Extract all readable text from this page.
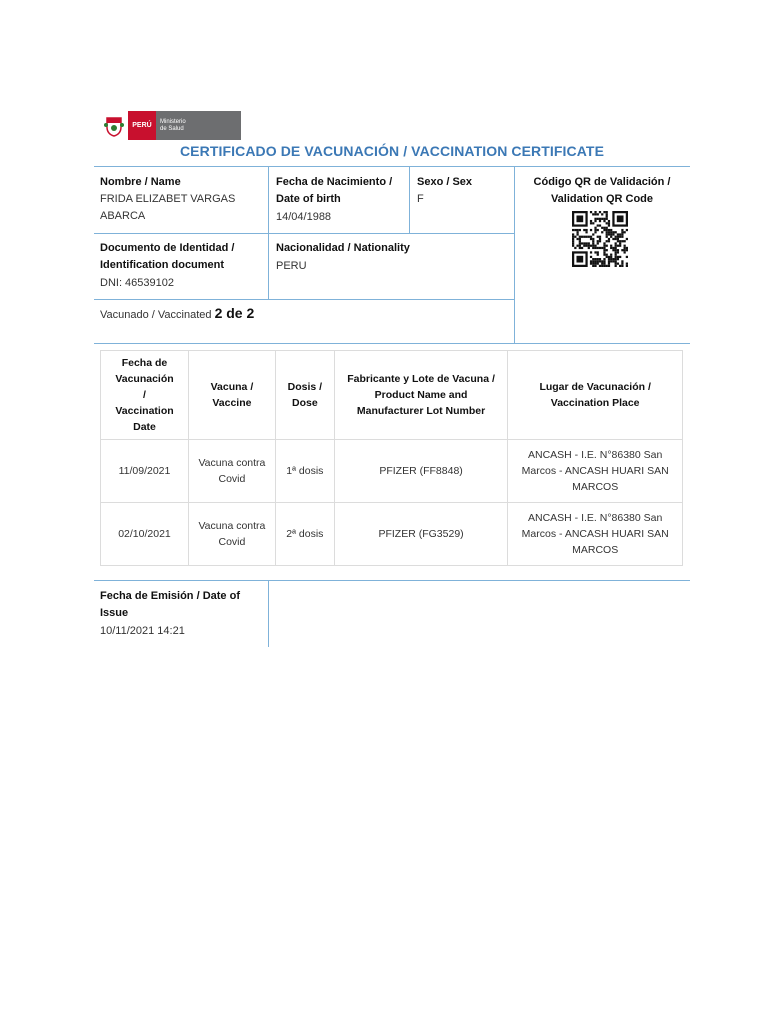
PERÚ	Ministerio
de Salud
CERTIFICADO DE VACUNACIÓN / VACCINATION CERTIFICATE
Nombre / Name
FRIDA ELIZABET VARGAS ABARCA
Fecha de Nacimiento / Date of birth
14/04/1988
Sexo / Sex
F
Código QR de Validación / Validation QR Code
Documento de Identidad / Identification document
DNI: 46539102
Nacionalidad / Nationality
PERU
Vacunado / Vaccinated 2 de 2
Fecha de Vacunación / Vaccination Date	Vacuna / Vaccine	Dosis / Dose	Fabricante y Lote de Vacuna / Product Name and Manufacturer Lot Number	Lugar de Vacunación / Vaccination Place
11/09/2021	Vacuna contra Covid	1ª dosis	PFIZER (FF8848)	ANCASH - I.E. N°86380 San Marcos - ANCASH HUARI SAN MARCOS
02/10/2021	Vacuna contra Covid	2ª dosis	PFIZER (FG3529)	ANCASH - I.E. N°86380 San Marcos - ANCASH HUARI SAN MARCOS
Fecha de Emisión / Date of Issue
10/11/2021 14:21
